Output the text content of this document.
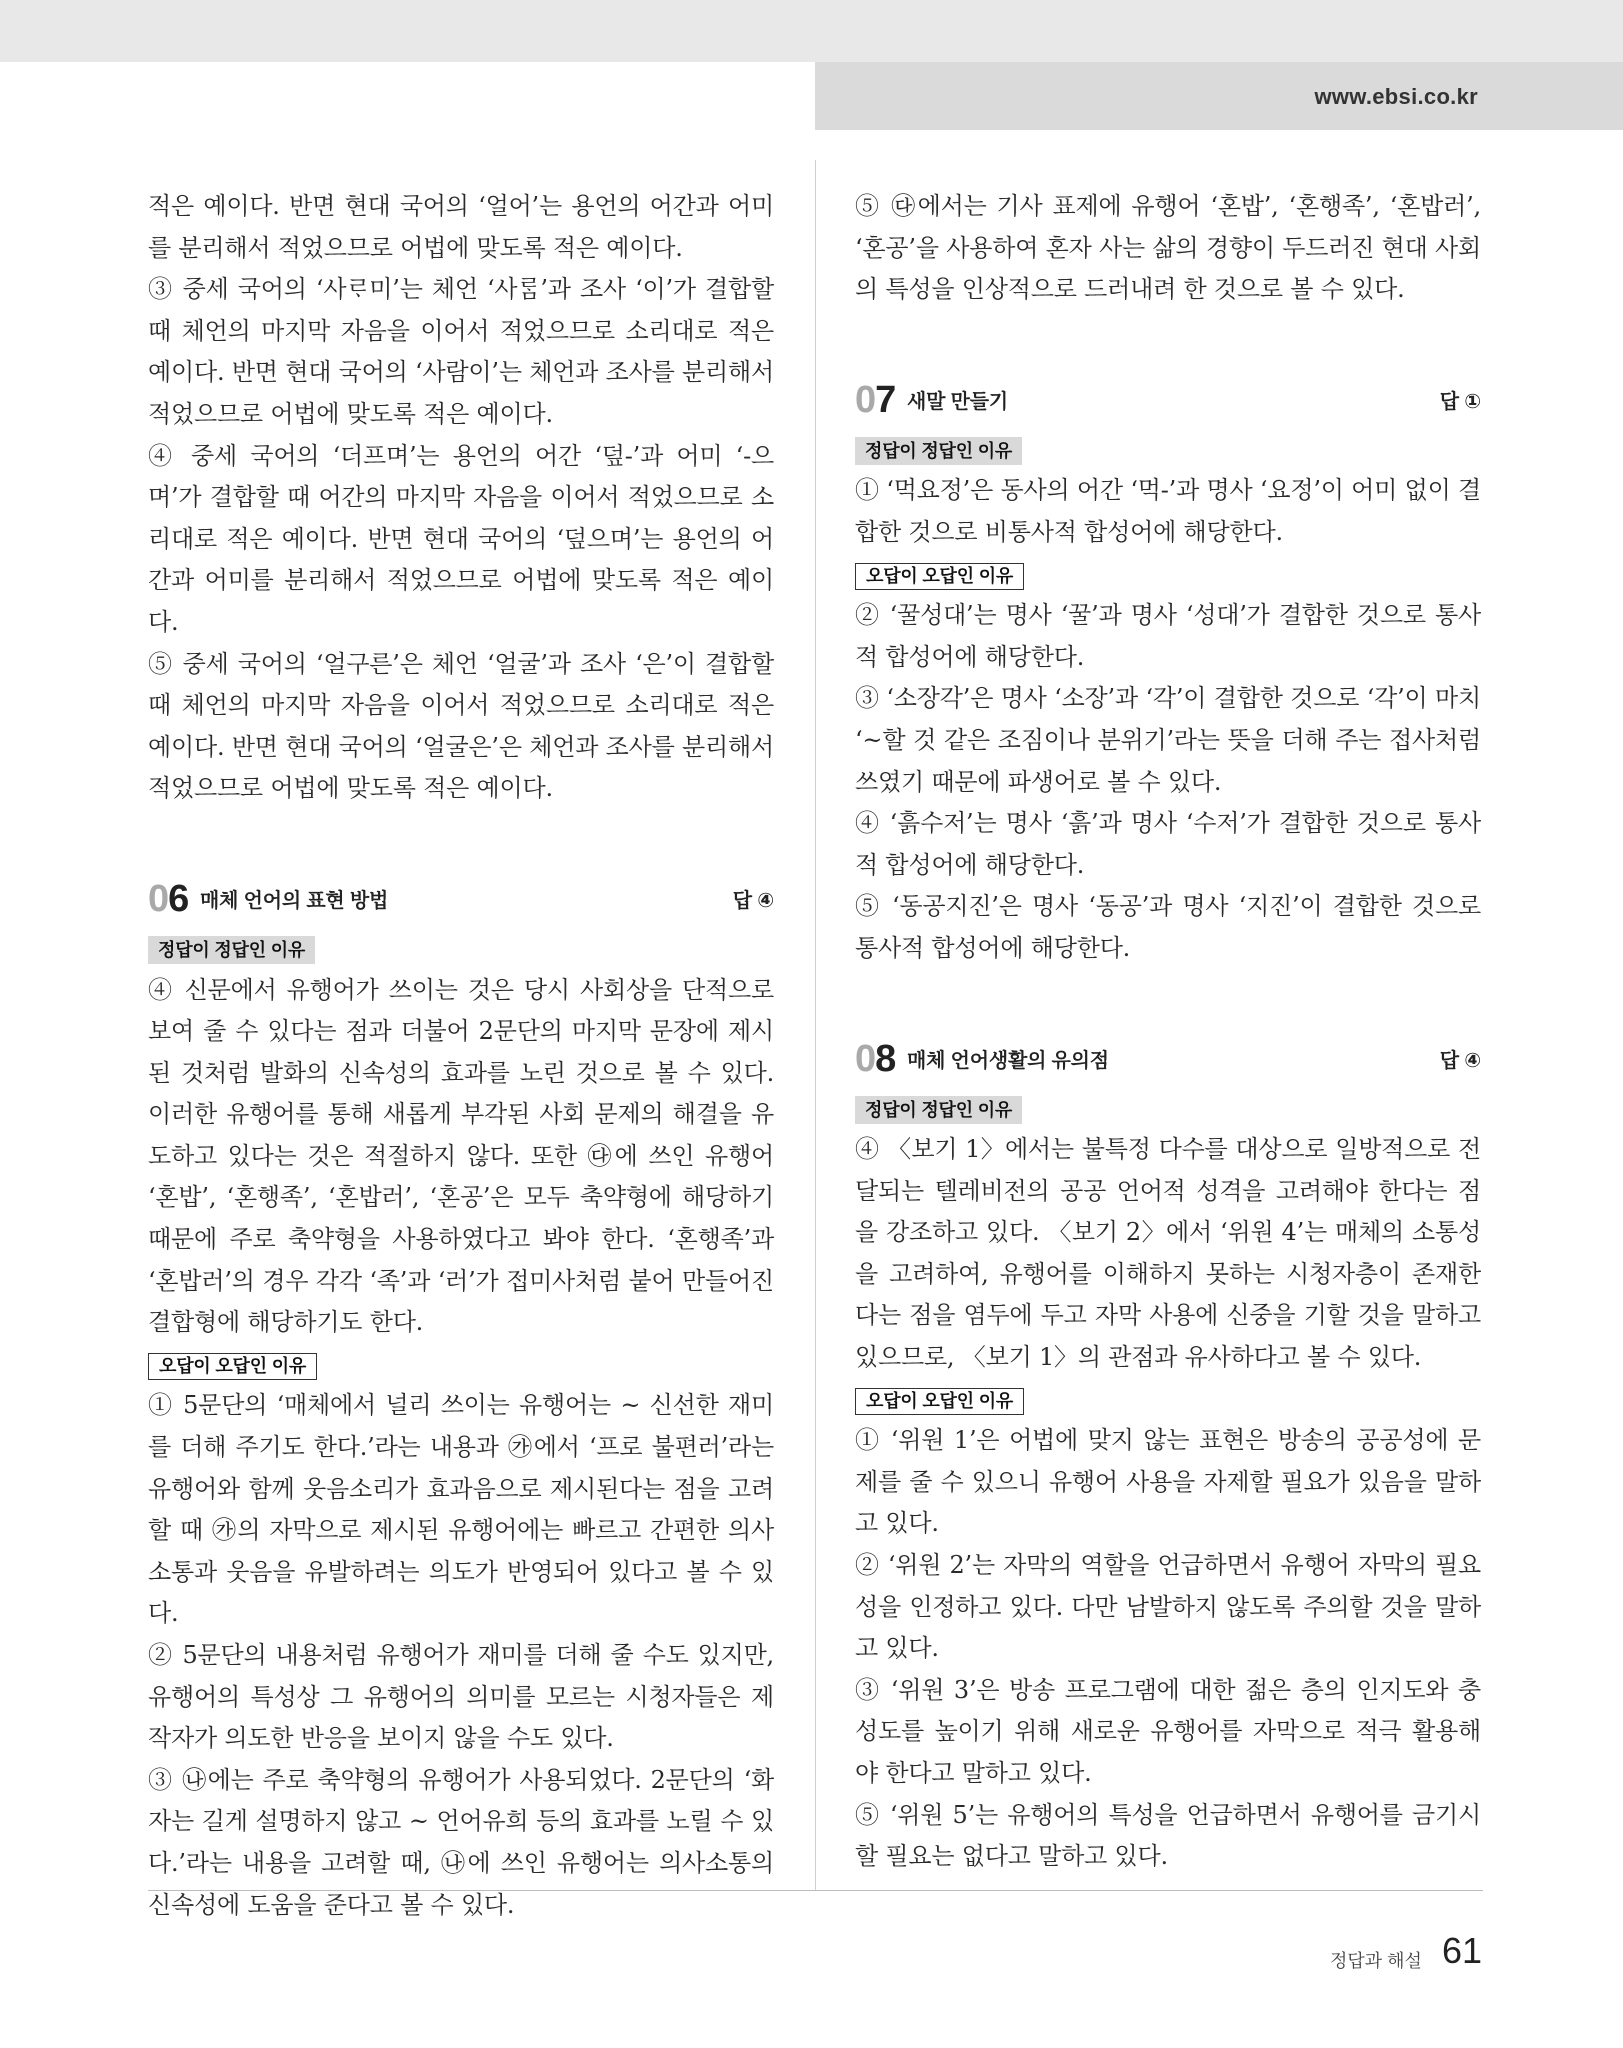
www.ebsi.co.kr

적은 예이다. 반면 현대 국어의 ‘얼어’는 용언의 어간과 어미를 분리해서 적었으므로 어법에 맞도록 적은 예이다.

③ 중세 국어의 ‘사ᄅᆞ미’는 체언 ‘사ᄅᆞᆷ’과 조사 ‘이’가 결합할 때 체언의 마지막 자음을 이어서 적었으므로 소리대로 적은 예이다. 반면 현대 국어의 ‘사람이’는 체언과 조사를 분리해서 적었으므로 어법에 맞도록 적은 예이다.

④ 중세 국어의 ‘더프며’는 용언의 어간 ‘덮-’과 어미 ‘-으며’가 결합할 때 어간의 마지막 자음을 이어서 적었으므로 소리대로 적은 예이다. 반면 현대 국어의 ‘덮으며’는 용언의 어간과 어미를 분리해서 적었으므로 어법에 맞도록 적은 예이다.

⑤ 중세 국어의 ‘얼구른’은 체언 ‘얼굴’과 조사 ‘은’이 결합할 때 체언의 마지막 자음을 이어서 적었으므로 소리대로 적은 예이다. 반면 현대 국어의 ‘얼굴은’은 체언과 조사를 분리해서 적었으므로 어법에 맞도록 적은 예이다.

06 매체 언어의 표현 방법	답 ④
정답이 정답인 이유

④ 신문에서 유행어가 쓰이는 것은 당시 사회상을 단적으로 보여 줄 수 있다는 점과 더불어 2문단의 마지막 문장에 제시된 것처럼 발화의 신속성의 효과를 노린 것으로 볼 수 있다. 이러한 유행어를 통해 새롭게 부각된 사회 문제의 해결을 유도하고 있다는 것은 적절하지 않다. 또한 ㉰에 쓰인 유행어 ‘혼밥’, ‘혼행족’, ‘혼밥러’, ‘혼공’은 모두 축약형에 해당하기 때문에 주로 축약형을 사용하였다고 봐야 한다. ‘혼행족’과 ‘혼밥러’의 경우 각각 ‘족’과 ‘러’가 접미사처럼 붙어 만들어진 결합형에 해당하기도 한다.

오답이 오답인 이유

① 5문단의 ‘매체에서 널리 쓰이는 유행어는 ~ 신선한 재미를 더해 주기도 한다.’라는 내용과 ㉮에서 ‘프로 불편러’라는 유행어와 함께 웃음소리가 효과음으로 제시된다는 점을 고려할 때 ㉮의 자막으로 제시된 유행어에는 빠르고 간편한 의사소통과 웃음을 유발하려는 의도가 반영되어 있다고 볼 수 있다.

② 5문단의 내용처럼 유행어가 재미를 더해 줄 수도 있지만, 유행어의 특성상 그 유행어의 의미를 모르는 시청자들은 제작자가 의도한 반응을 보이지 않을 수도 있다.

③ ㉯에는 주로 축약형의 유행어가 사용되었다. 2문단의 ‘화자는 길게 설명하지 않고 ~ 언어유희 등의 효과를 노릴 수 있다.’라는 내용을 고려할 때, ㉯에 쓰인 유행어는 의사소통의 신속성에 도움을 준다고 볼 수 있다.

⑤ ㉰에서는 기사 표제에 유행어 ‘혼밥’, ‘혼행족’, ‘혼밥러’, ‘혼공’을 사용하여 혼자 사는 삶의 경향이 두드러진 현대 사회의 특성을 인상적으로 드러내려 한 것으로 볼 수 있다.

07 새말 만들기	답 ①
정답이 정답인 이유

① ‘먹요정’은 동사의 어간 ‘먹-’과 명사 ‘요정’이 어미 없이 결합한 것으로 비통사적 합성어에 해당한다.

오답이 오답인 이유

② ‘꿀성대’는 명사 ‘꿀’과 명사 ‘성대’가 결합한 것으로 통사적 합성어에 해당한다.

③ ‘소장각’은 명사 ‘소장’과 ‘각’이 결합한 것으로 ‘각’이 마치 ‘~할 것 같은 조짐이나 분위기’라는 뜻을 더해 주는 접사처럼 쓰였기 때문에 파생어로 볼 수 있다.

④ ‘흙수저’는 명사 ‘흙’과 명사 ‘수저’가 결합한 것으로 통사적 합성어에 해당한다.

⑤ ‘동공지진’은 명사 ‘동공’과 명사 ‘지진’이 결합한 것으로 통사적 합성어에 해당한다.

08 매체 언어생활의 유의점	답 ④
정답이 정답인 이유

④ 〈보기 1〉에서는 불특정 다수를 대상으로 일방적으로 전달되는 텔레비전의 공공 언어적 성격을 고려해야 한다는 점을 강조하고 있다. 〈보기 2〉에서 ‘위원 4’는 매체의 소통성을 고려하여, 유행어를 이해하지 못하는 시청자층이 존재한다는 점을 염두에 두고 자막 사용에 신중을 기할 것을 말하고 있으므로, 〈보기 1〉의 관점과 유사하다고 볼 수 있다.

오답이 오답인 이유

① ‘위원 1’은 어법에 맞지 않는 표현은 방송의 공공성에 문제를 줄 수 있으니 유행어 사용을 자제할 필요가 있음을 말하고 있다.

② ‘위원 2’는 자막의 역할을 언급하면서 유행어 자막의 필요성을 인정하고 있다. 다만 남발하지 않도록 주의할 것을 말하고 있다.

③ ‘위원 3’은 방송 프로그램에 대한 젊은 층의 인지도와 충성도를 높이기 위해 새로운 유행어를 자막으로 적극 활용해야 한다고 말하고 있다.

⑤ ‘위원 5’는 유행어의 특성을 언급하면서 유행어를 금기시할 필요는 없다고 말하고 있다.

정답과 해설 61
